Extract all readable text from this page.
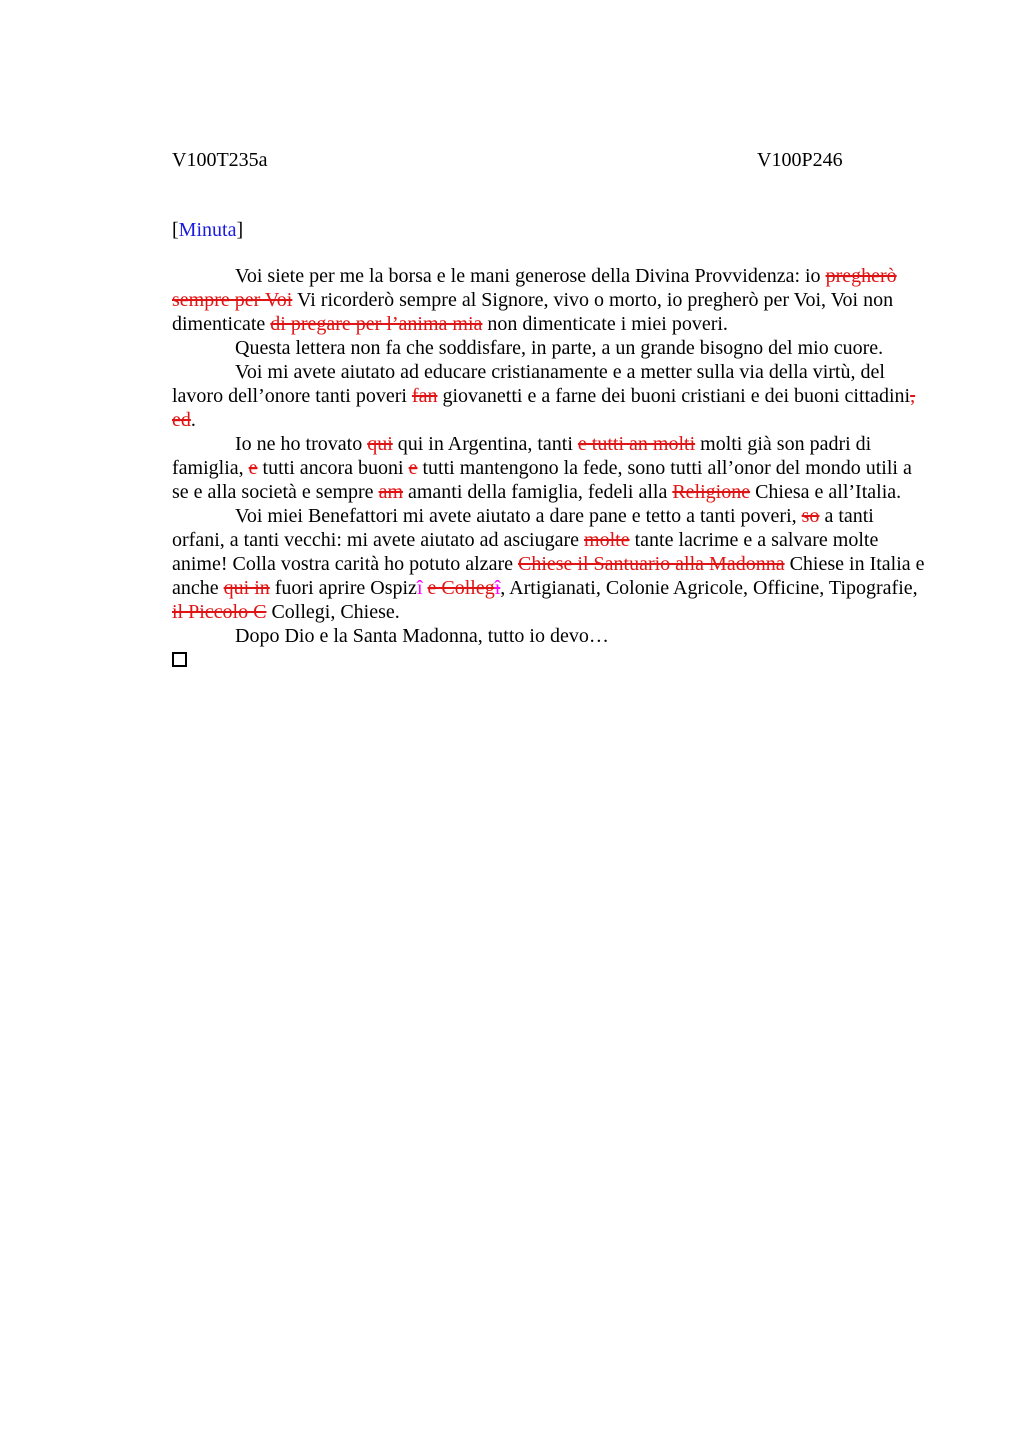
V100T235a	V100P246
[Minuta]

Voi siete per me la borsa e le mani generose della Divina Provvidenza: io pregherò sempre per Voi Vi ricorderò sempre al Signore, vivo o morto, io pregherò per Voi, Voi non dimenticate di pregare per l’anima mia non dimenticate i miei poveri.

Questa lettera non fa che soddisfare, in parte, a un grande bisogno del mio cuore.

Voi mi avete aiutato ad educare cristianamente e a metter sulla via della virtù, del lavoro dell’onore tanti poveri fan giovanetti e a farne dei buoni cristiani e dei buoni cittadini, ed.

Io ne ho trovato qui qui in Argentina, tanti e tutti an molti molti già son padri di famiglia, e tutti ancora buoni e tutti mantengono la fede, sono tutti all’onor del mondo utili a se e alla società e sempre am amanti della famiglia, fedeli alla Religione Chiesa e all’Italia.

Voi miei Benefattori mi avete aiutato a dare pane e tetto a tanti poveri, so a tanti orfani, a tanti vecchi: mi avete aiutato ad asciugare molte tante lacrime e a salvare molte anime! Colla vostra carità ho potuto alzare Chiese il Santuario alla Madonna Chiese in Italia e anche qui in fuori aprire Ospizî e Collegî, Artigianati, Colonie Agricole, Officine, Tipografie, il Piccolo C Collegi, Chiese.

Dopo Dio e la Santa Madonna, tutto io devo…
